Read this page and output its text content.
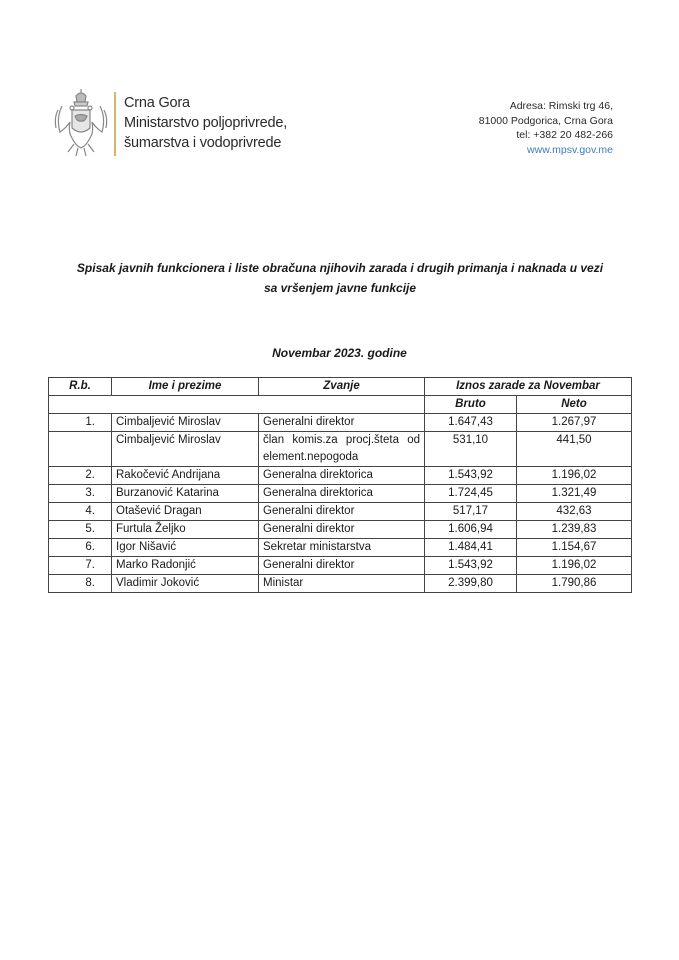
Crna Gora
Ministarstvo poljoprivrede,
šumarstva i vodoprivrede
Adresa: Rimski trg 46,
81000 Podgorica, Crna Gora
tel: +382 20 482-266
www.mpsv.gov.me
Spisak javnih funkcionera i liste obračuna njihovih zarada i drugih primanja i naknada u vezi
sa vršenjem javne funkcije
Novembar 2023. godine
R.b.	Ime i prezime	Zvanje	Iznos zarade za Novembar	
			Bruto	Neto
1.	Cimbaljević Miroslav	Generalni direktor	1.647,43	1.267,97
	Cimbaljević Miroslav	član komis.za procj.šteta od element.nepogoda	531,10	441,50
2.	Rakočević Andrijana	Generalna direktorica	1.543,92	1.196,02
3.	Burzanović Katarina	Generalna direktorica	1.724,45	1.321,49
4.	Otašević Dragan	Generalni direktor	517,17	432,63
5.	Furtula Željko	Generalni direktor	1.606,94	1.239,83
6.	Igor Nišavić	Sekretar ministarstva	1.484,41	1.154,67
7.	Marko Radonjić	Generalni direktor	1.543,92	1.196,02
8.	Vladimir Joković	Ministar	2.399,80	1.790,86
